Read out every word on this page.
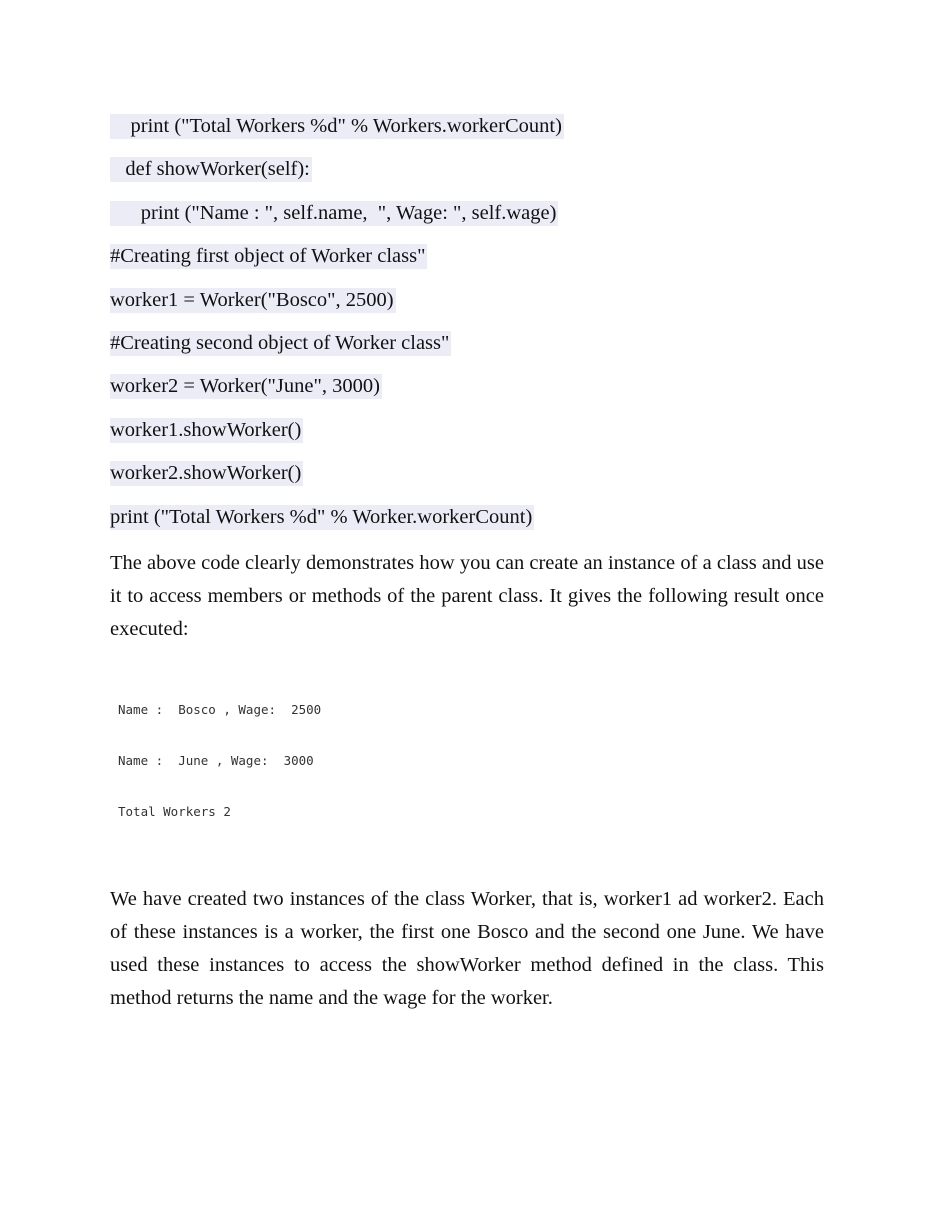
print ("Total Workers %d" % Workers.workerCount)
def showWorker(self):
print ("Name : ", self.name,  ", Wage: ", self.wage)
#Creating first object of Worker class"
worker1 = Worker("Bosco", 2500)
#Creating second object of Worker class"
worker2 = Worker("June", 3000)
worker1.showWorker()
worker2.showWorker()
print ("Total Workers %d" % Worker.workerCount)

The above code clearly demonstrates how you can create an instance of a class and use it to access members or methods of the parent class. It gives the following result once executed:

Name :  Bosco , Wage:  2500

Name :  June , Wage:  3000

Total Workers 2

We have created two instances of the class Worker, that is, worker1 ad worker2. Each of these instances is a worker, the first one Bosco and the second one June. We have used these instances to access the showWorker method defined in the class. This method returns the name and the wage for the worker.
